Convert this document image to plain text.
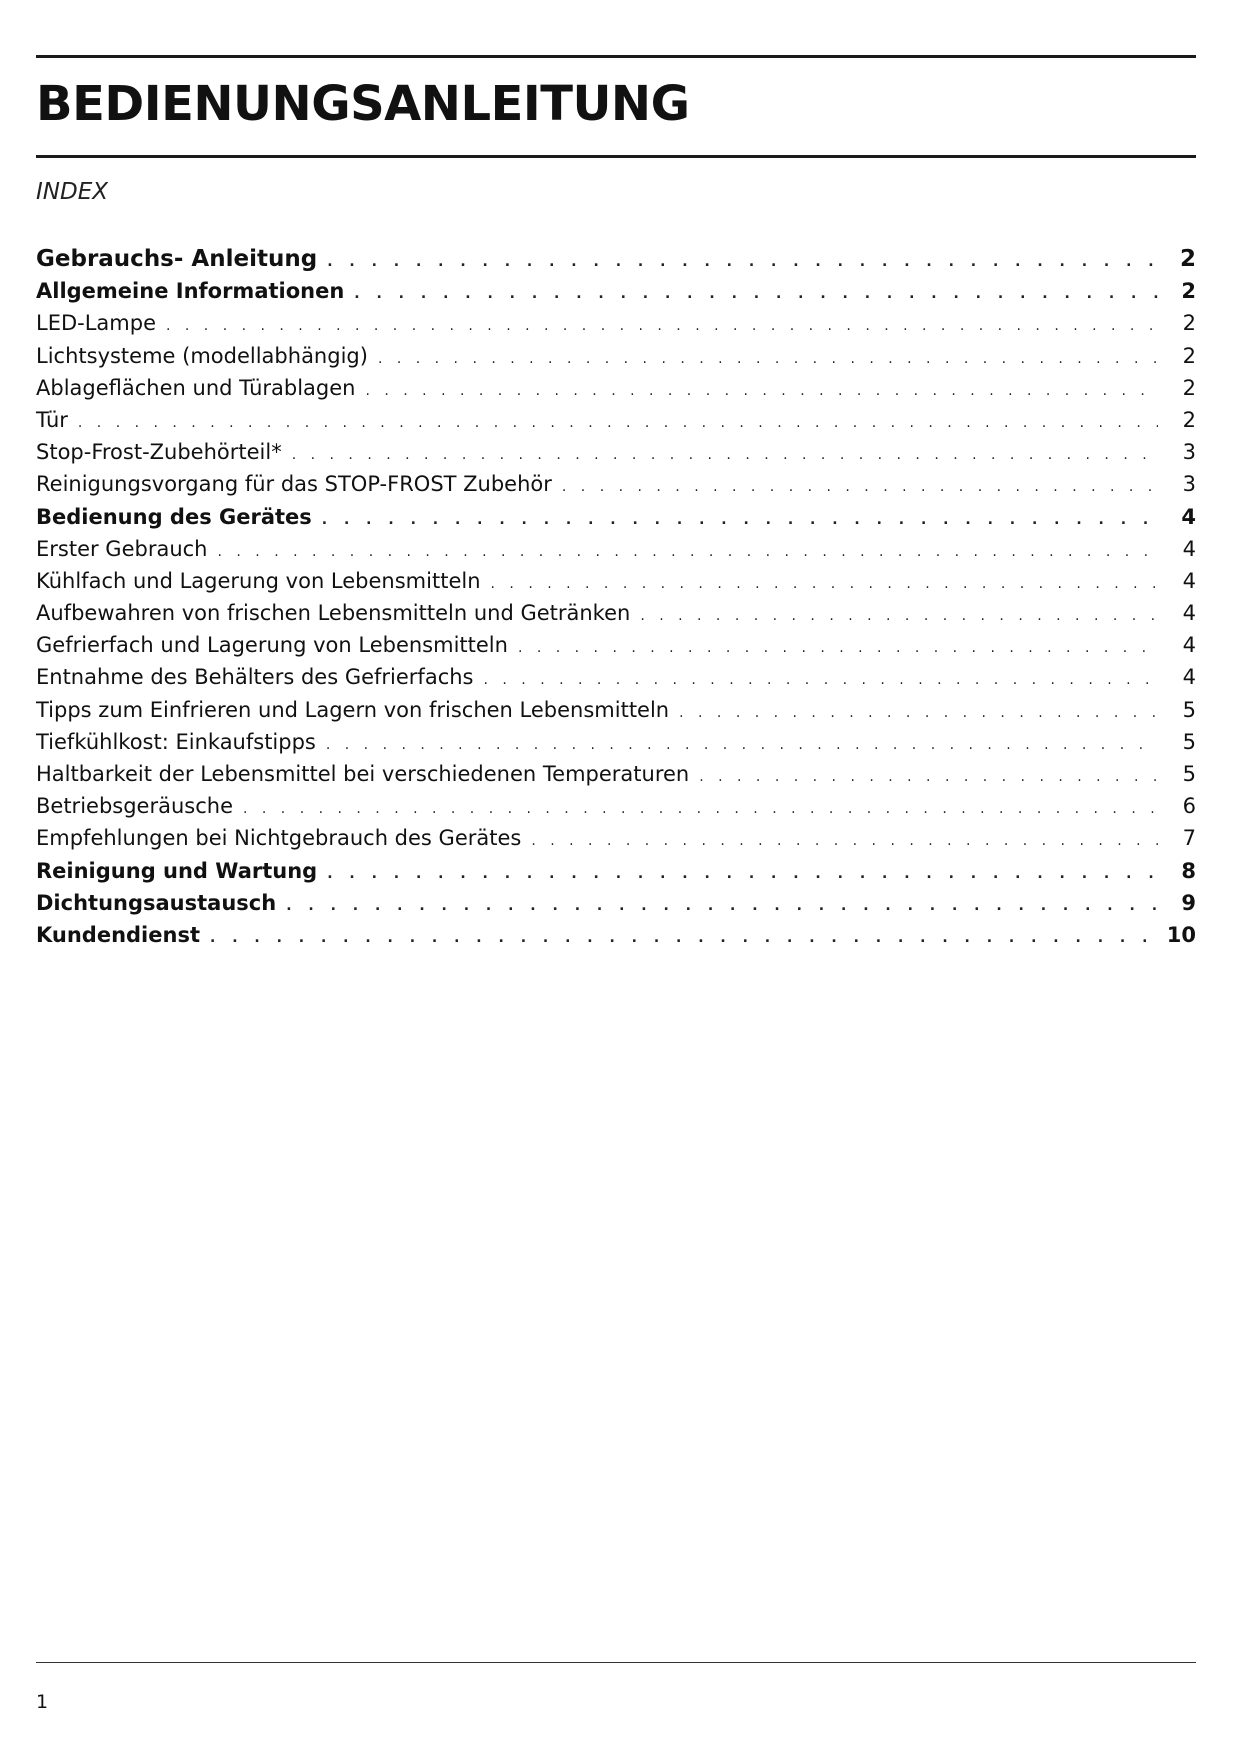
BEDIENUNGSANLEITUNG
INDEX
Gebrauchs- Anleitung . . .	2
Allgemeine Informationen . . .	2
LED-Lampe . . .	2
Lichtsysteme (modellabhängig) . . .	2
Ablageflächen und Türablagen . . .	2
Tür . . .	2
Stop-Frost-Zubehörteil* . . .	3
Reinigungsvorgang für das STOP-FROST Zubehör . . .	3
Bedienung des Gerätes . . .	4
Erster Gebrauch . . .	4
Kühlfach und Lagerung von Lebensmitteln . . .	4
Aufbewahren von frischen Lebensmitteln und Getränken . . .	4
Gefrierfach und Lagerung von Lebensmitteln . . .	4
Entnahme des Behälters des Gefrierfachs . . .	4
Tipps zum Einfrieren und Lagern von frischen Lebensmitteln . . .	5
Tiefkühlkost: Einkaufstipps . . .	5
Haltbarkeit der Lebensmittel bei verschiedenen Temperaturen . . .	5
Betriebsgeräusche . . .	6
Empfehlungen bei Nichtgebrauch des Gerätes . . .	7
Reinigung und Wartung . . .	8
Dichtungsaustausch . . .	9
Kundendienst . . .	10
1
